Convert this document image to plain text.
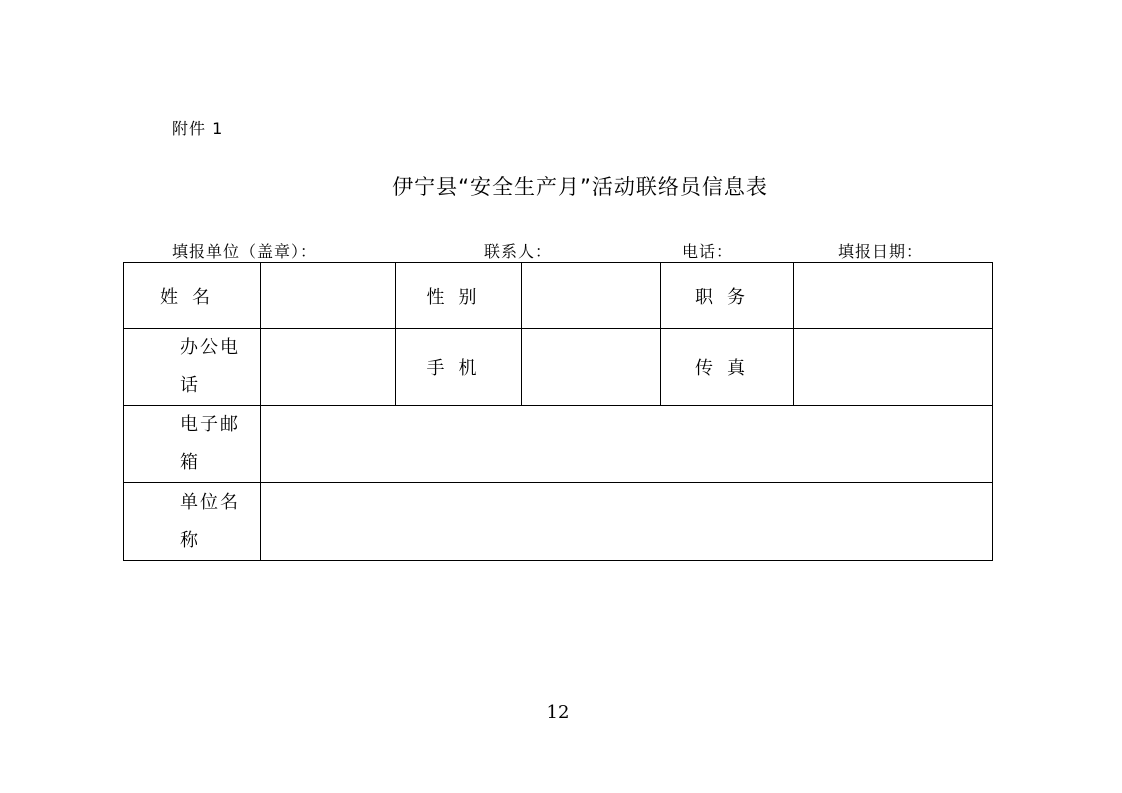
附件 1
伊宁县“安全生产月”活动联络员信息表
填报单位（盖章）：	联系人：	电话：	填报日期：
姓名		性别		职务	
办公电话		手机		传真	
电子邮箱					
单位名称					
12
